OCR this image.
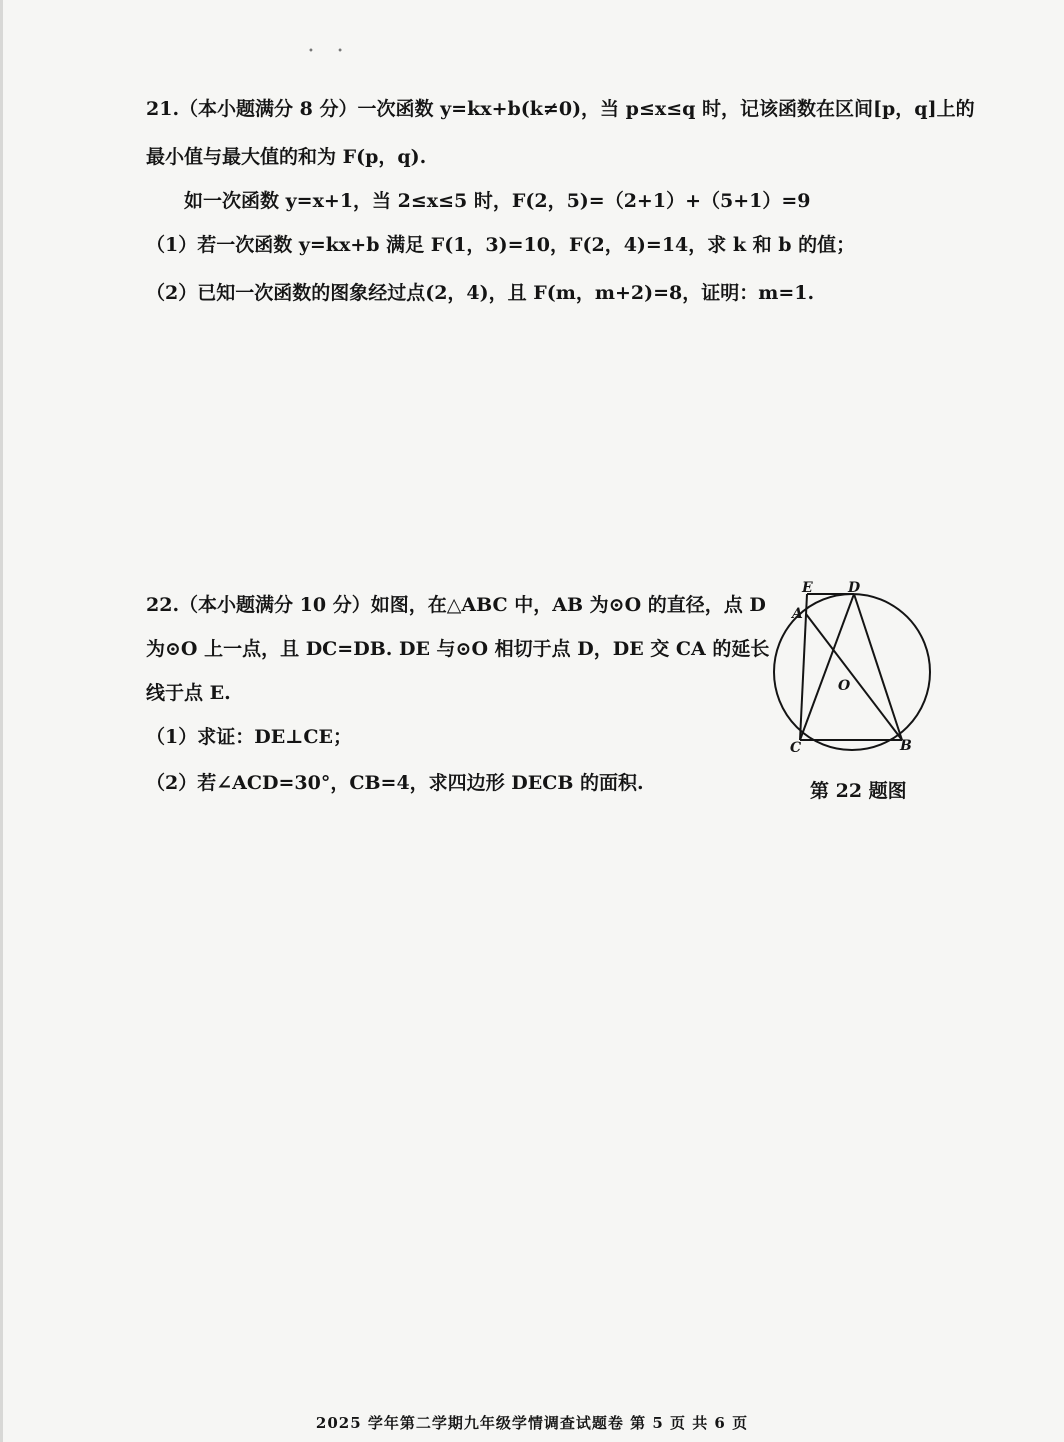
• •
21.（本小题满分 8 分）一次函数 y=kx+b(k≠0)，当 p≤x≤q 时，记该函数在区间[p，q]上的
最小值与最大值的和为 F(p，q).
如一次函数 y=x+1，当 2≤x≤5 时，F(2，5)=（2+1）+（5+1）=9
（1）若一次函数 y=kx+b 满足 F(1，3)=10，F(2，4)=14，求 k 和 b 的值；
（2）已知一次函数的图象经过点(2，4)，且 F(m，m+2)=8，证明：m=1.
22.（本小题满分 10 分）如图，在△ABC 中，AB 为⊙O 的直径，点 D
为⊙O 上一点，且 DC=DB. DE 与⊙O 相切于点 D，DE 交 CA 的延长
线于点 E.
（1）求证：DE⊥CE；
（2）若∠ACD=30°，CB=4，求四边形 DECB 的面积.
E	D
A
O
C	B
第 22 题图
2025 学年第二学期九年级学情调查试题卷 第 5 页 共 6 页
